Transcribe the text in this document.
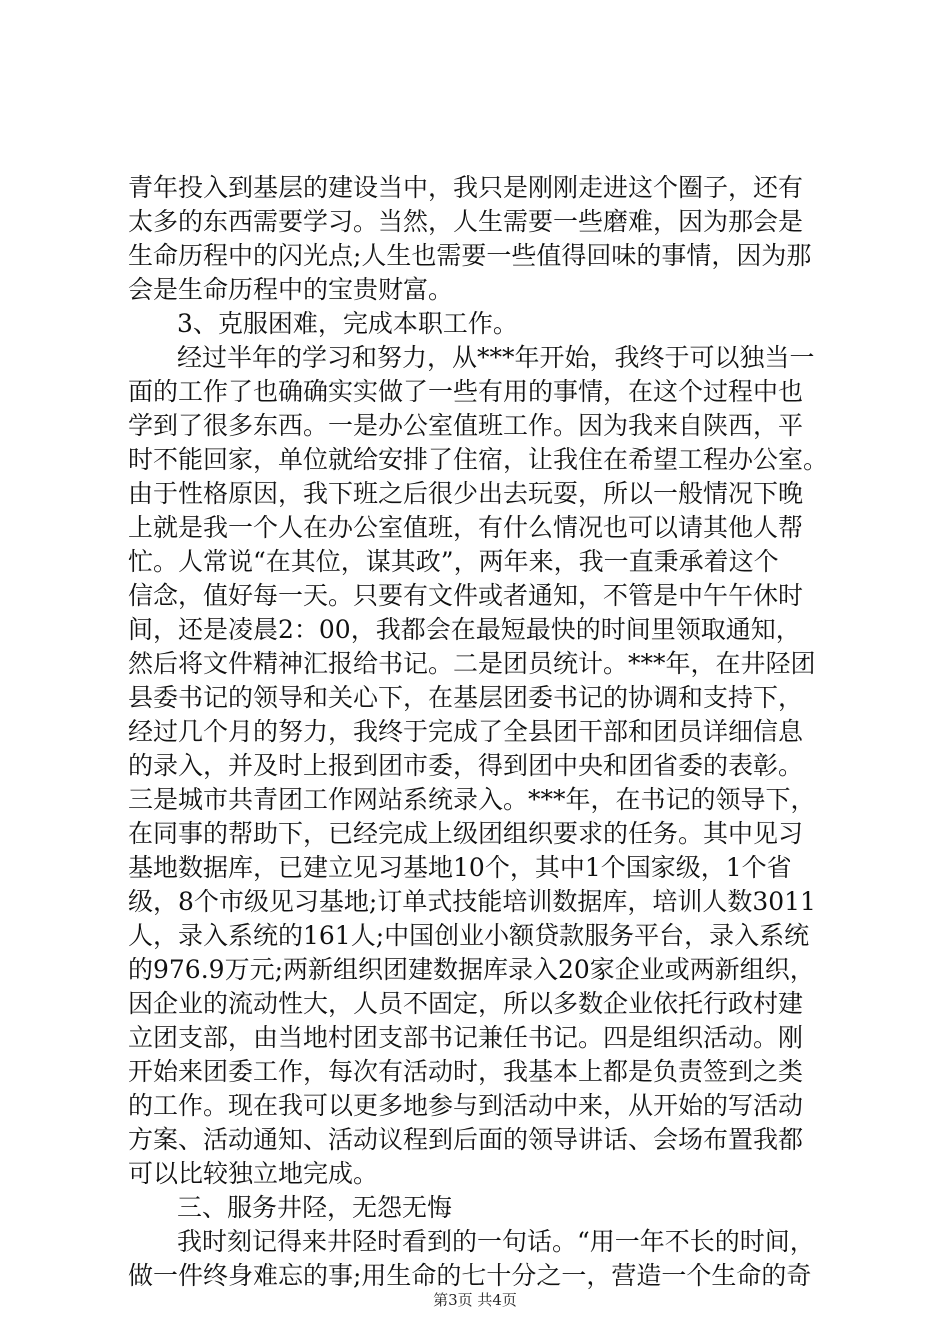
青年投入到基层的建设当中，我只是刚刚走进这个圈子，还有
太多的东西需要学习。当然，人生需要一些磨难，因为那会是
生命历程中的闪光点;人生也需要一些值得回味的事情，因为那
会是生命历程中的宝贵财富。
3、克服困难，完成本职工作。
经过半年的学习和努力，从***年开始，我终于可以独当一
面的工作了也确确实实做了一些有用的事情，在这个过程中也
学到了很多东西。一是办公室值班工作。因为我来自陕西，平
时不能回家，单位就给安排了住宿，让我住在希望工程办公室。
由于性格原因，我下班之后很少出去玩耍，所以一般情况下晚
上就是我一个人在办公室值班，有什么情况也可以请其他人帮
忙。人常说“在其位，谋其政”，两年来，我一直秉承着这个
信念，值好每一天。只要有文件或者通知，不管是中午午休时
间，还是凌晨2：00，我都会在最短最快的时间里领取通知，
然后将文件精神汇报给书记。二是团员统计。***年，在井陉团
县委书记的领导和关心下，在基层团委书记的协调和支持下，
经过几个月的努力，我终于完成了全县团干部和团员详细信息
的录入，并及时上报到团市委，得到团中央和团省委的表彰。
三是城市共青团工作网站系统录入。***年，在书记的领导下，
在同事的帮助下，已经完成上级团组织要求的任务。其中见习
基地数据库，已建立见习基地10个，其中1个国家级，1个省
级，8个市级见习基地;订单式技能培训数据库，培训人数3011
人，录入系统的161人;中国创业小额贷款服务平台，录入系统
的976.9万元;两新组织团建数据库录入20家企业或两新组织，
因企业的流动性大，人员不固定，所以多数企业依托行政村建
立团支部，由当地村团支部书记兼任书记。四是组织活动。刚
开始来团委工作，每次有活动时，我基本上都是负责签到之类
的工作。现在我可以更多地参与到活动中来，从开始的写活动
方案、活动通知、活动议程到后面的领导讲话、会场布置我都
可以比较独立地完成。
三、服务井陉，无怨无悔
我时刻记得来井陉时看到的一句话。“用一年不长的时间，
做一件终身难忘的事;用生命的七十分之一，营造一个生命的奇
第3页 共4页
